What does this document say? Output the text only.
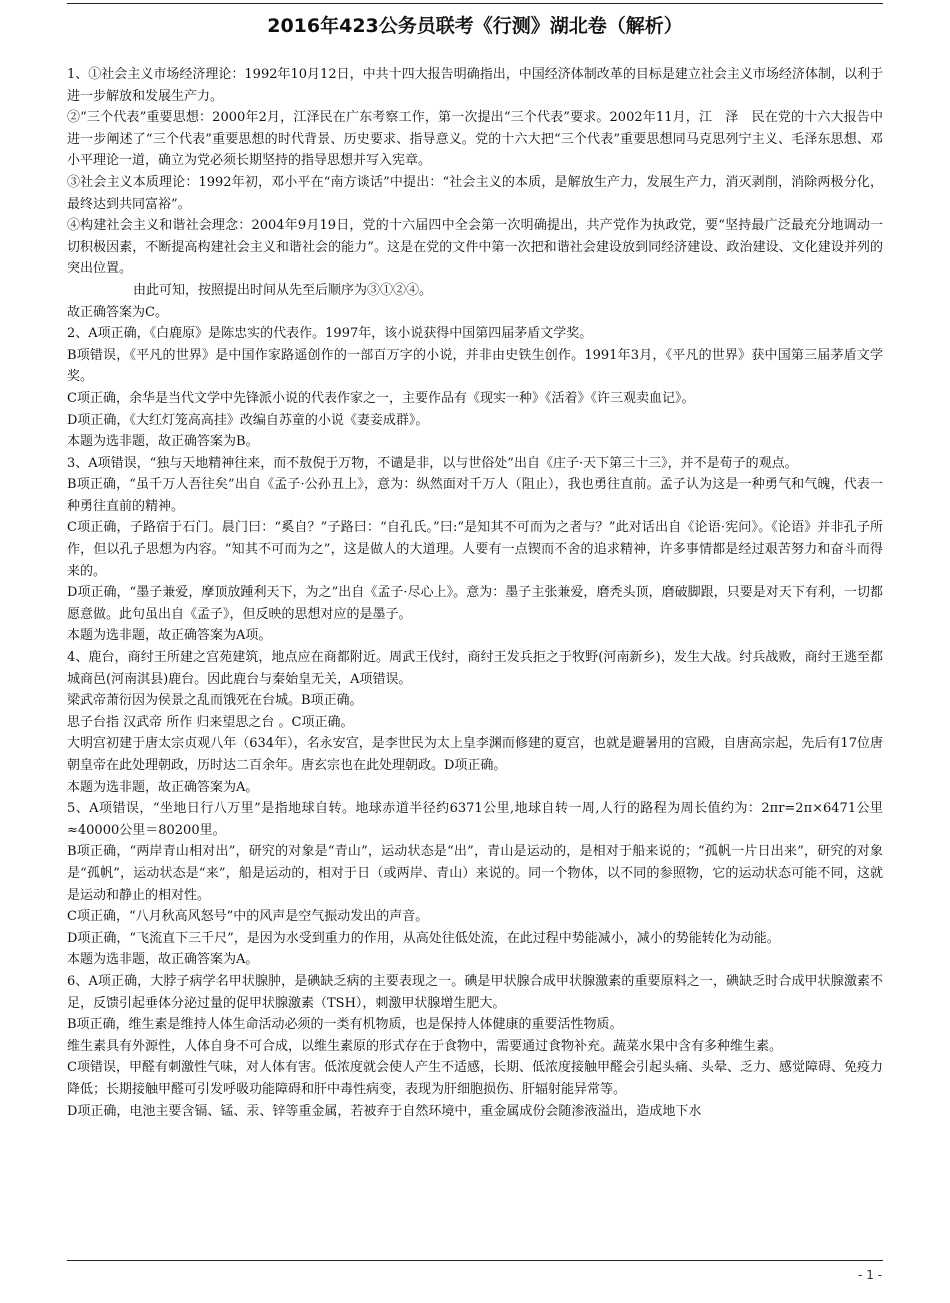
2016年423公务员联考《行测》湖北卷（解析）

1、①社会主义市场经济理论：1992年10月12日，中共十四大报告明确指出，中国经济体制改革的目标是建立社会主义市场经济体制，以利于进一步解放和发展生产力。

②“三个代表”重要思想：2000年2月，江泽民在广东考察工作，第一次提出“三个代表”要求。2002年11月，江　泽　民在党的十六大报告中进一步阐述了“三个代表”重要思想的时代背景、历史要求、指导意义。党的十六大把“三个代表”重要思想同马克思列宁主义、毛泽东思想、邓小平理论一道，确立为党必须长期坚持的指导思想并写入宪章。

③社会主义本质理论：1992年初，邓小平在“南方谈话”中提出：“社会主义的本质，是解放生产力，发展生产力，消灭剥削，消除两极分化，最终达到共同富裕”。

④构建社会主义和谐社会理念：2004年9月19日，党的十六届四中全会第一次明确提出，共产党作为执政党，要“坚持最广泛最充分地调动一切积极因素，不断提高构建社会主义和谐社会的能力”。这是在党的文件中第一次把和谐社会建设放到同经济建设、政治建设、文化建设并列的突出位置。

由此可知，按照提出时间从先至后顺序为③①②④。

故正确答案为C。

2、A项正确，《白鹿原》是陈忠实的代表作。1997年，该小说获得中国第四届茅盾文学奖。

B项错误，《平凡的世界》是中国作家路遥创作的一部百万字的小说，并非由史铁生创作。1991年3月，《平凡的世界》获中国第三届茅盾文学奖。

C项正确，余华是当代文学中先锋派小说的代表作家之一，主要作品有《现实一种》《活着》《许三观卖血记》。

D项正确，《大红灯笼高高挂》改编自苏童的小说《妻妾成群》。

本题为选非题，故正确答案为B。

3、A项错误，“独与天地精神往来，而不敖倪于万物，不谴是非，以与世俗处”出自《庄子·天下第三十三》，并不是荀子的观点。

B项正确，“虽千万人吾往矣”出自《孟子·公孙丑上》，意为：纵然面对千万人（阻止），我也勇往直前。孟子认为这是一种勇气和气魄，代表一种勇往直前的精神。

C项正确，子路宿于石门。晨门曰：“奚自？”子路曰：“自孔氏。”曰:“是知其不可而为之者与？”此对话出自《论语·宪问》。《论语》并非孔子所作，但以孔子思想为内容。“知其不可而为之”，这是做人的大道理。人要有一点锲而不舍的追求精神，许多事情都是经过艰苦努力和奋斗而得来的。

D项正确，“墨子兼爱，摩顶放踵利天下，为之”出自《孟子·尽心上》。意为：墨子主张兼爱，磨秃头顶，磨破脚跟，只要是对天下有利，一切都愿意做。此句虽出自《孟子》，但反映的思想对应的是墨子。

本题为选非题，故正确答案为A项。

4、鹿台，商纣王所建之宫苑建筑，地点应在商都附近。周武王伐纣，商纣王发兵拒之于牧野(河南新乡)，发生大战。纣兵战败，商纣王逃至都城商邑(河南淇县)鹿台。因此鹿台与秦始皇无关，A项错误。

梁武帝萧衍因为侯景之乱而饿死在台城。B项正确。

思子台指 汉武帝 所作 归来望思之台 。C项正确。

大明宫初建于唐太宗贞观八年（634年），名永安宫，是李世民为太上皇李渊而修建的夏宫，也就是避暑用的宫殿，自唐高宗起，先后有17位唐朝皇帝在此处理朝政，历时达二百余年。唐玄宗也在此处理朝政。D项正确。

本题为选非题，故正确答案为A。

5、A项错误，“坐地日行八万里”是指地球自转。地球赤道半径约6371公里,地球自转一周,人行的路程为周长值约为：2πr=2π×6471公里≈40000公里＝80200里。

B项正确，“两岸青山相对出”，研究的对象是“青山”，运动状态是“出”，青山是运动的，是相对于船来说的；“孤帆一片日出来”，研究的对象是“孤帆”，运动状态是“来”，船是运动的，相对于日（或两岸、青山）来说的。同一个物体，以不同的参照物，它的运动状态可能不同，这就是运动和静止的相对性。

C项正确，“八月秋高风怒号”中的风声是空气振动发出的声音。

D项正确，“飞流直下三千尺”，是因为水受到重力的作用，从高处往低处流，在此过程中势能减小，减小的势能转化为动能。

本题为选非题，故正确答案为A。

6、A项正确，大脖子病学名甲状腺肿，是碘缺乏病的主要表现之一。碘是甲状腺合成甲状腺激素的重要原料之一，碘缺乏时合成甲状腺激素不足，反馈引起垂体分泌过量的促甲状腺激素（TSH），刺激甲状腺增生肥大。

B项正确，维生素是维持人体生命活动必须的一类有机物质，也是保持人体健康的重要活性物质。

维生素具有外源性，人体自身不可合成，以维生素原的形式存在于食物中，需要通过食物补充。蔬菜水果中含有多种维生素。

C项错误，甲醛有刺激性气味，对人体有害。低浓度就会使人产生不适感，长期、低浓度接触甲醛会引起头痛、头晕、乏力、感觉障碍、免疫力降低；长期接触甲醛可引发呼吸功能障碍和肝中毒性病变，表现为肝细胞损伤、肝辐射能异常等。

D项正确，电池主要含镉、锰、汞、锌等重金属，若被弃于自然环境中，重金属成份会随渗液溢出，造成地下水

- 1 -
